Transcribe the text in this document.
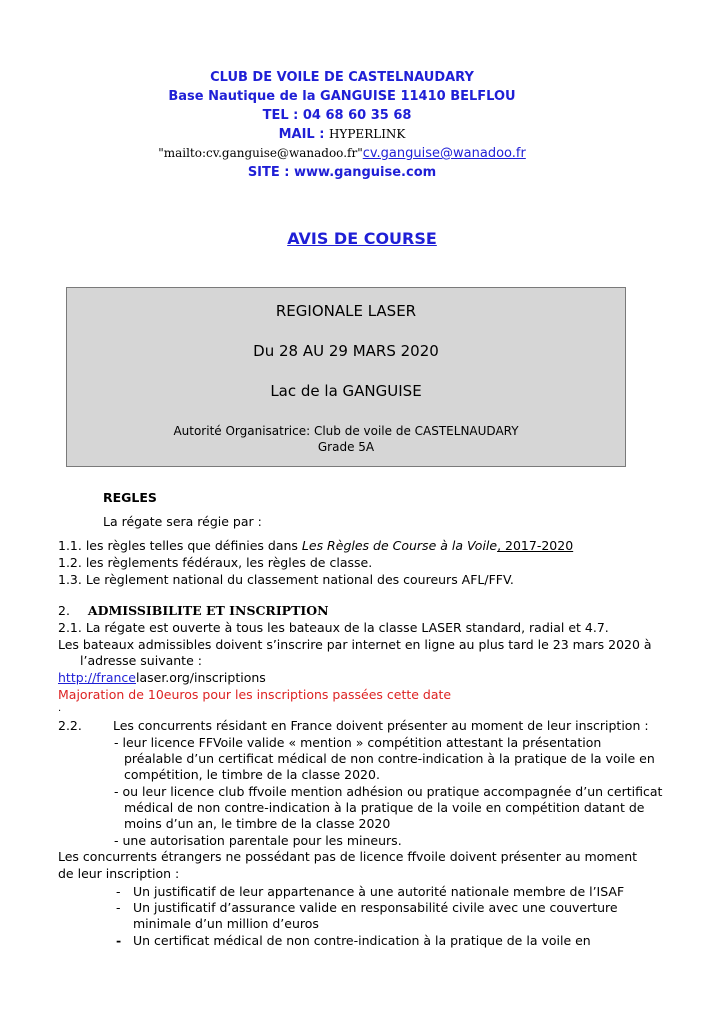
CLUB DE VOILE DE CASTELNAUDARY
Base Nautique de la GANGUISE 11410 BELFLOU
TEL : 04 68 60 35 68
MAIL : HYPERLINK
"mailto:cv.ganguise@wanadoo.fr"cv.ganguise@wanadoo.fr
SITE : www.ganguise.com
AVIS DE COURSE
REGIONALE LASER
Du 28 AU 29 MARS 2020
Lac de la GANGUISE
Autorité Organisatrice: Club de voile de CASTELNAUDARY
Grade 5A
REGLES
La régate sera régie par :
1.1. les règles telles que définies dans Les Règles de Course à la Voile, 2017-2020
1.2. les règlements fédéraux, les règles de classe.
1.3. Le règlement national du classement national des coureurs AFL/FFV.
2. ADMISSIBILITE ET INSCRIPTION
2.1. La régate est ouverte à tous les bateaux de la classe LASER standard, radial et 4.7.
Les bateaux admissibles doivent s’inscrire par internet en ligne au plus tard le 23 mars 2020 à
l’adresse suivante :
http://francelaser.org/inscriptions
Majoration de 10euros pour les inscriptions passées cette date
.
2.2. Les concurrents résidant en France doivent présenter au moment de leur inscription :
- leur licence FFVoile valide « mention » compétition attestant la présentation
préalable d’un certificat médical de non contre-indication à la pratique de la voile en
compétition, le timbre de la classe 2020.
- ou leur licence club ffvoile mention adhésion ou pratique accompagnée d’un certificat
médical de non contre-indication à la pratique de la voile en compétition datant de
moins d’un an, le timbre de la classe 2020
- une autorisation parentale pour les mineurs.
Les concurrents étrangers ne possédant pas de licence ffvoile doivent présenter au moment
de leur inscription :
- Un justificatif de leur appartenance à une autorité nationale membre de l’ISAF
- Un justificatif d’assurance valide en responsabilité civile avec une couverture
minimale d’un million d’euros
- Un certificat médical de non contre-indication à la pratique de la voile en
